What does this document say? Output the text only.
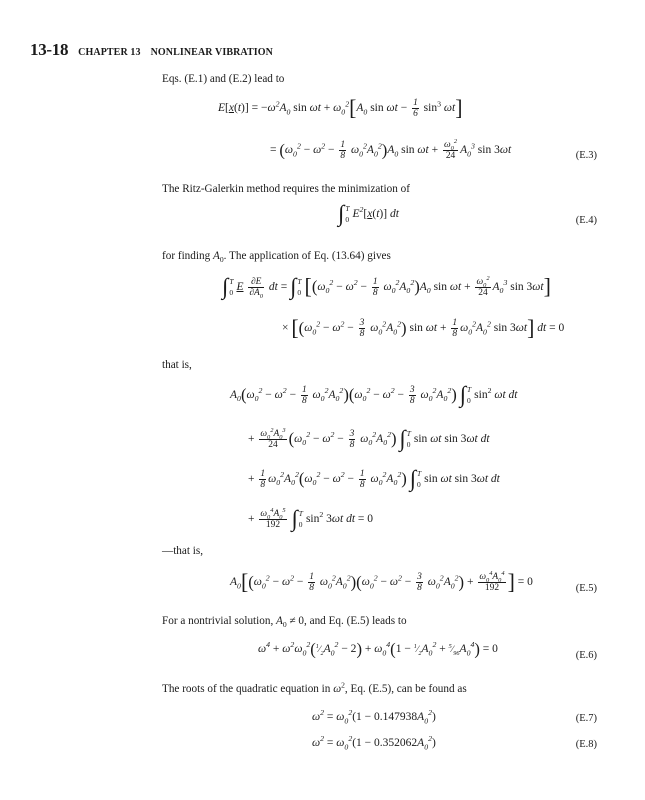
13-18 CHAPTER 13 NONLINEAR VIBRATION
Eqs. (E.1) and (E.2) lead to
$E[x(t)] = -\omega^2A_0$ $\sin \omega t + \omega_0^2[A_0$ $\sin \omega t - \frac{1}{6} \sin^3 \omega t$]
= $(\omega_0^2 - \omega^2 - \frac{1}{8} \omega_0^2A_0^2)A_0$ $\sin \omega t + \frac{\omega_0^2}{24} A_0^3$ sin 3ωt	(E.3)
The Ritz-Galerkin method requires the minimization of
∫ T
0 $E^2[x(t)]$ dt
(E.4)
for finding $A_0$. The application of Eq. (13.64) gives
∫ T
0 E $\frac{\partial E}{\partial A_0}$ dt = ∫ T
0 [$(\omega_0^2 - \omega^2 - \frac{1}{8} \omega_0^2A_0^2)A_0$ $\sin \omega t + \frac{\omega_0^2}{24} A_0^3$ sin 3ωt]
× [$(\omega_0^2 - \omega^2 - \frac{3}{8} \omega_0^2A_0^2)$ $\sin \omega t + \frac{1}{8} \omega_0^2A_0^2$ sin 3ωt] dt = 0
that is,
$A_0(\omega_0^2 - \omega^2 - \frac{1}{8} \omega_0^2A_0^2)(\omega_0^2 - \omega^2 - \frac{3}{8} \omega_0^2A_0^2)$ ∫ T
0 $\sin^2 \omega t$ dt
+ $\frac{\omega_0^2A_0^3}{24} (\omega_0^2 - \omega^2 - \frac{3}{8} \omega_0^2A_0^2)$ ∫ T
0 sin ωt sin 3ωt dt
+ $\frac{1}{8} \omega_0^2A_0^2(\omega_0^2 - \omega^2 - \frac{1}{8} \omega_0^2A_0^2)$ ∫ T
0 sin ωt sin 3ωt dt
+ $\frac{\omega_0^4A_0^5}{192}$ ∫ T
0 $\sin^2 3\omega t$ dt = 0
—that is,
$A_0[(\omega_0^2 - \omega^2 - \frac{1}{8} \omega_0^2A_0^2)(\omega_0^2 - \omega^2 - \frac{3}{8} \omega_0^2A_0^2) + \frac{\omega_0^4A_0^4}{192}$ ] = 0
(E.5)
For a nontrivial solution, $A_0 \ne 0$, and Eq. (E.5) leads to
$\omega^4$ + $\omega^2\omega_0^2(^1⁄_2A_0^2 - 2) + \omega_0^4(1$ − $^1⁄_2A_0^2$ + $^5⁄_{96}A_0^4) = 0$
(E.6)
The roots of the quadratic equation in $\omega^2$, Eq. (E.5), can be found as
$\omega^2 = \omega_0^2(1 - 0.147938A_0^2)$	(E.7)
$\omega^2 = \omega_0^2(1 - 0.352062A_0^2)$	(E.8)
